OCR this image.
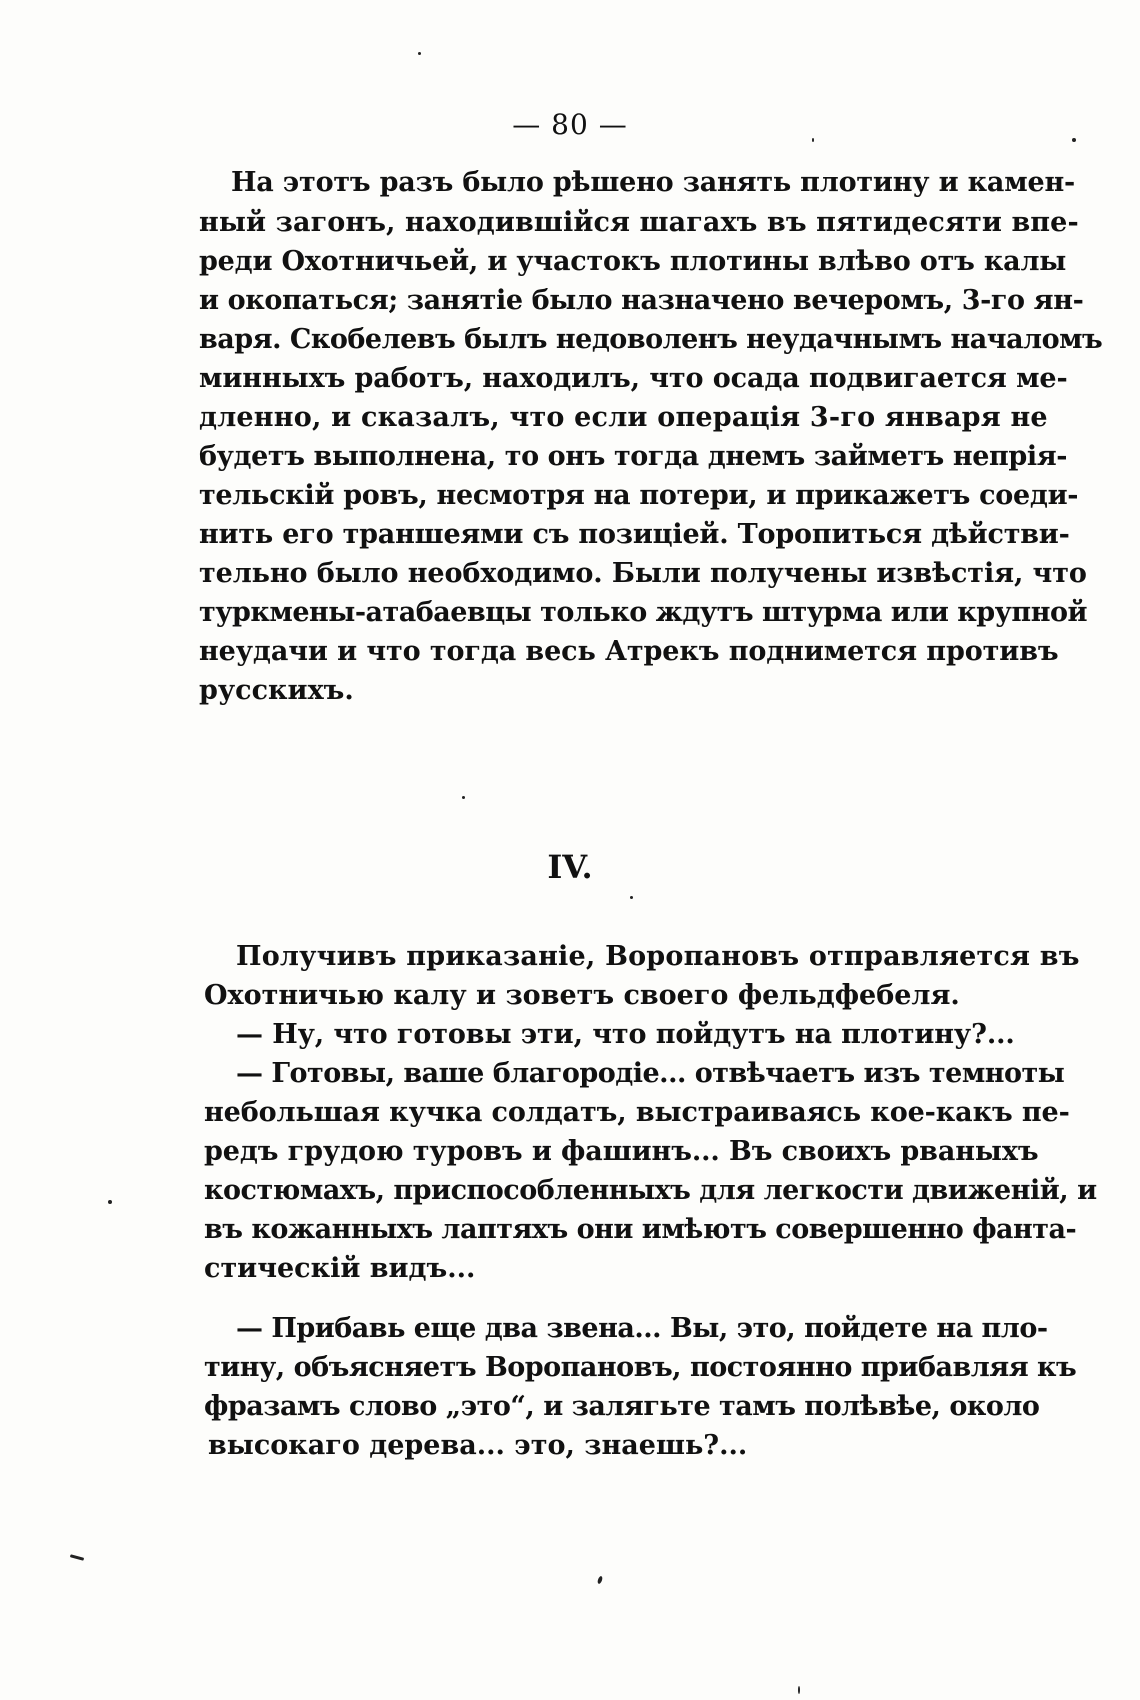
— 80 —
На этотъ разъ было рѣшено занять плотину и камен-
ный загонъ, находившійся шагахъ въ пятидесяти впе-
реди Охотничьей, и участокъ плотины влѣво отъ калы
и окопаться; занятіе было назначено вечеромъ, 3-го ян-
варя. Скобелевъ былъ недоволенъ неудачнымъ началомъ
минныхъ работъ, находилъ, что осада подвигается ме-
дленно, и сказалъ, что если операція 3-го января не
будетъ выполнена, то онъ тогда днемъ займетъ непрія-
тельскій ровъ, несмотря на потери, и прикажетъ соеди-
нить его траншеями съ позиціей. Торопиться дѣйстви-
тельно было необходимо. Были получены извѣстія, что
туркмены-атабаевцы только ждутъ штурма или крупной
неудачи и что тогда весь Атрекъ поднимется противъ
русскихъ.
IV.
Получивъ приказаніе, Воропановъ отправляется въ
Охотничью калу и зоветъ своего фельдфебеля.
— Ну, что готовы эти, что пойдутъ на плотину?...
— Готовы, ваше благородіе... отвѣчаетъ изъ темноты
небольшая кучка солдатъ, выстраиваясь кое-какъ пе-
редъ грудою туровъ и фашинъ... Въ своихъ рваныхъ
костюмахъ, приспособленныхъ для легкости движеній, и
въ кожанныхъ лаптяхъ они имѣютъ совершенно фанта-
стическій видъ...
— Прибавь еще два звена... Вы, это, пойдете на пло-
тину, объясняетъ Воропановъ, постоянно прибавляя къ
фразамъ слово „это“, и залягьте тамъ полѣвѣе, около
высокаго дерева... это, знаешь?...
